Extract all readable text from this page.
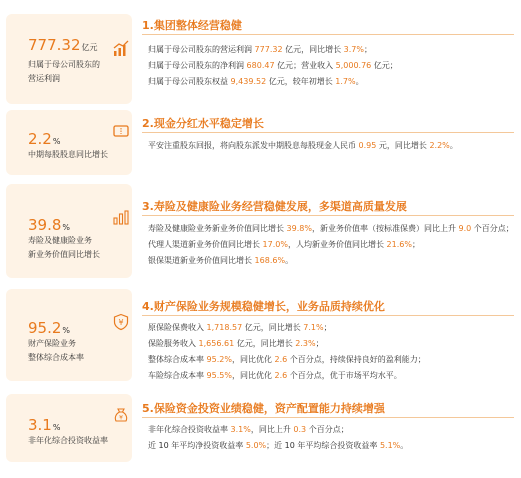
777.32亿元
归属于母公司股东的
营运利润
1.集团整体经营稳健
归属于母公司股东的营运利润 777.32 亿元，同比增长 3.7%；
归属于母公司股东的净利润 680.47 亿元；营业收入 5,000.76 亿元；
归属于母公司股东权益 9,439.52 亿元，较年初增长 1.7%。
2.2%
中期每股股息同比增长
2.现金分红水平稳定增长
平安注重股东回报，将向股东派发中期股息每股现金人民币 0.95 元，同比增长 2.2%。
39.8%
寿险及健康险业务
新业务价值同比增长
3.寿险及健康险业务经营稳健发展，多渠道高质量发展
寿险及健康险业务新业务价值同比增长 39.8%，新业务价值率（按标准保费）同比上升 9.0 个百分点；
代理人渠道新业务价值同比增长 17.0%，人均新业务价值同比增长 21.6%；
银保渠道新业务价值同比增长 168.6%。
95.2%
财产保险业务
整体综合成本率
¥
4.财产保险业务规模稳健增长，业务品质持续优化
原保险保费收入 1,718.57 亿元，同比增长 7.1%；
保险服务收入 1,656.61 亿元，同比增长 2.3%；
整体综合成本率 95.2%，同比优化 2.6 个百分点，持续保持良好的盈利能力；
车险综合成本率 95.5%，同比优化 2.6 个百分点，优于市场平均水平。
3.1%
非年化综合投资收益率
¥
5.保险资金投资业绩稳健，资产配置能力持续增强
非年化综合投资收益率 3.1%，同比上升 0.3 个百分点；
近 10 年平均净投资收益率 5.0%；近 10 年平均综合投资收益率 5.1%。
